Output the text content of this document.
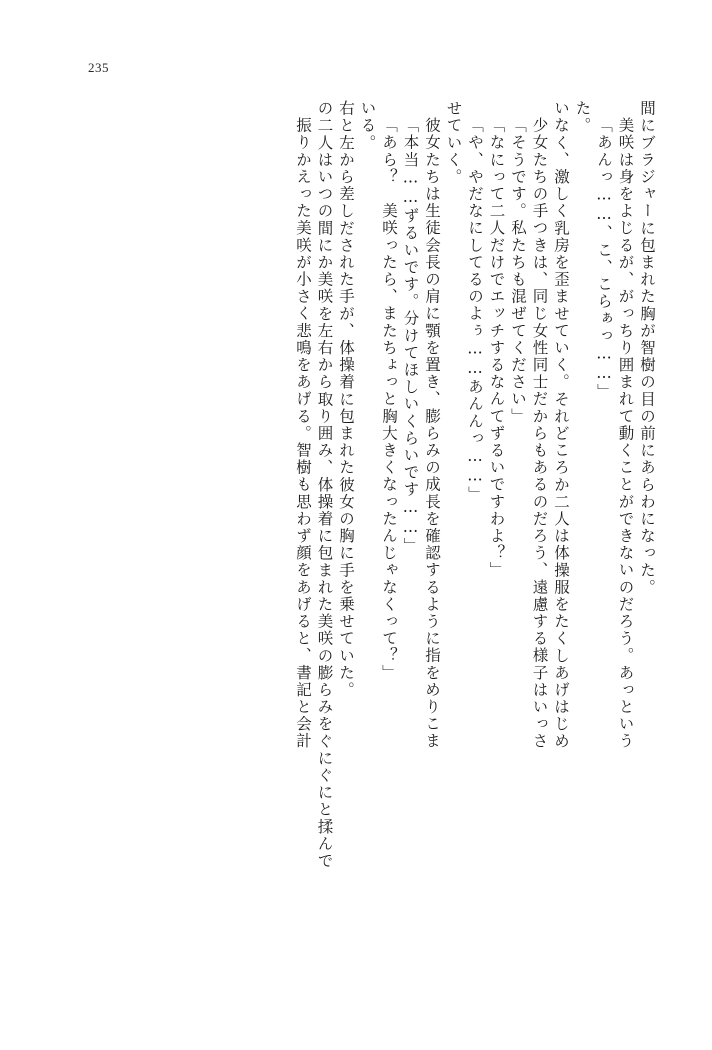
235
振りかえった美咲が小さく悲鳴をあげる。智樹も思わず顔をあげると、書記と会計 の二人はいつの間にか美咲を左右から取り囲み、体操着に包まれた美咲の膨らみをぐにぐにと揉んで 右と左から差しだされた手が、体操着に包まれた彼女の胸に手を乗せていた。 いる。 「あら？　美咲ったら、またちょっと胸大きくなったんじゃなくって？」 「本当……ずるいです。分けてほしいくらいです……」 彼女たちは生徒会長の肩に顎を置き、膨らみの成長を確認するように指をめりこま せていく。 「や、やだなにしてるのよぅ……あんんっ……」 「なにって二人だけでエッチするなんてずるいですわよ？」 「そうです。私たちも混ぜてください」 少女たちの手つきは、同じ女性同士だからもあるのだろう、遠慮する様子はいっさ いなく、激しく乳房を歪ませていく。それどころか二人は体操服をたくしあげはじめ た。 「あんっ……、こ、こらぁっ……」 美咲は身をよじるが、がっちり囲まれて動くことができないのだろう。あっという 間にブラジャーに包まれた胸が智樹の目の前にあらわになった。
